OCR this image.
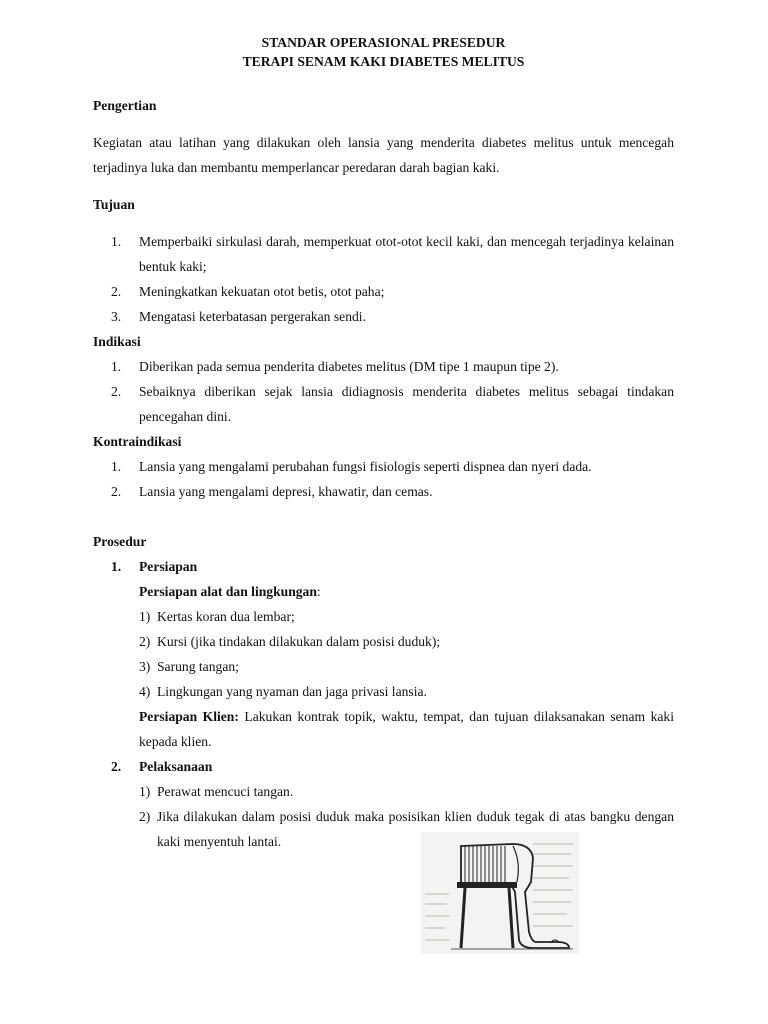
STANDAR OPERASIONAL PRESEDUR
TERAPI SENAM KAKI DIABETES MELITUS

Pengertian

Kegiatan atau latihan yang dilakukan oleh lansia yang menderita diabetes melitus untuk mencegah terjadinya luka dan membantu memperlancar peredaran darah bagian kaki.

Tujuan

1.	Memperbaiki sirkulasi darah, memperkuat otot-otot kecil kaki, dan mencegah terjadinya kelainan bentuk kaki;
2.	Meningkatkan kekuatan otot betis, otot paha;
3.	Mengatasi keterbatasan pergerakan sendi.

Indikasi

1.	Diberikan pada semua penderita diabetes melitus (DM tipe 1 maupun tipe 2).
2.	Sebaiknya diberikan sejak lansia didiagnosis menderita diabetes melitus sebagai tindakan pencegahan dini.

Kontraindikasi

1.	Lansia yang mengalami perubahan fungsi fisiologis seperti dispnea dan nyeri dada.
2.	Lansia yang mengalami depresi, khawatir, dan cemas.

Prosedur

1.	Persiapan
Persiapan alat dan lingkungan:
1) Kertas koran dua lembar;
2) Kursi (jika tindakan dilakukan dalam posisi duduk);
3) Sarung tangan;
4) Lingkungan yang nyaman dan jaga privasi lansia.
Persiapan Klien: Lakukan kontrak topik, waktu, tempat, dan tujuan dilaksanakan senam kaki kepada klien.
2.	Pelaksanaan
1) Perawat mencuci tangan.
2) Jika dilakukan dalam posisi duduk maka posisikan klien duduk tegak di atas bangku dengan kaki menyentuh lantai.
